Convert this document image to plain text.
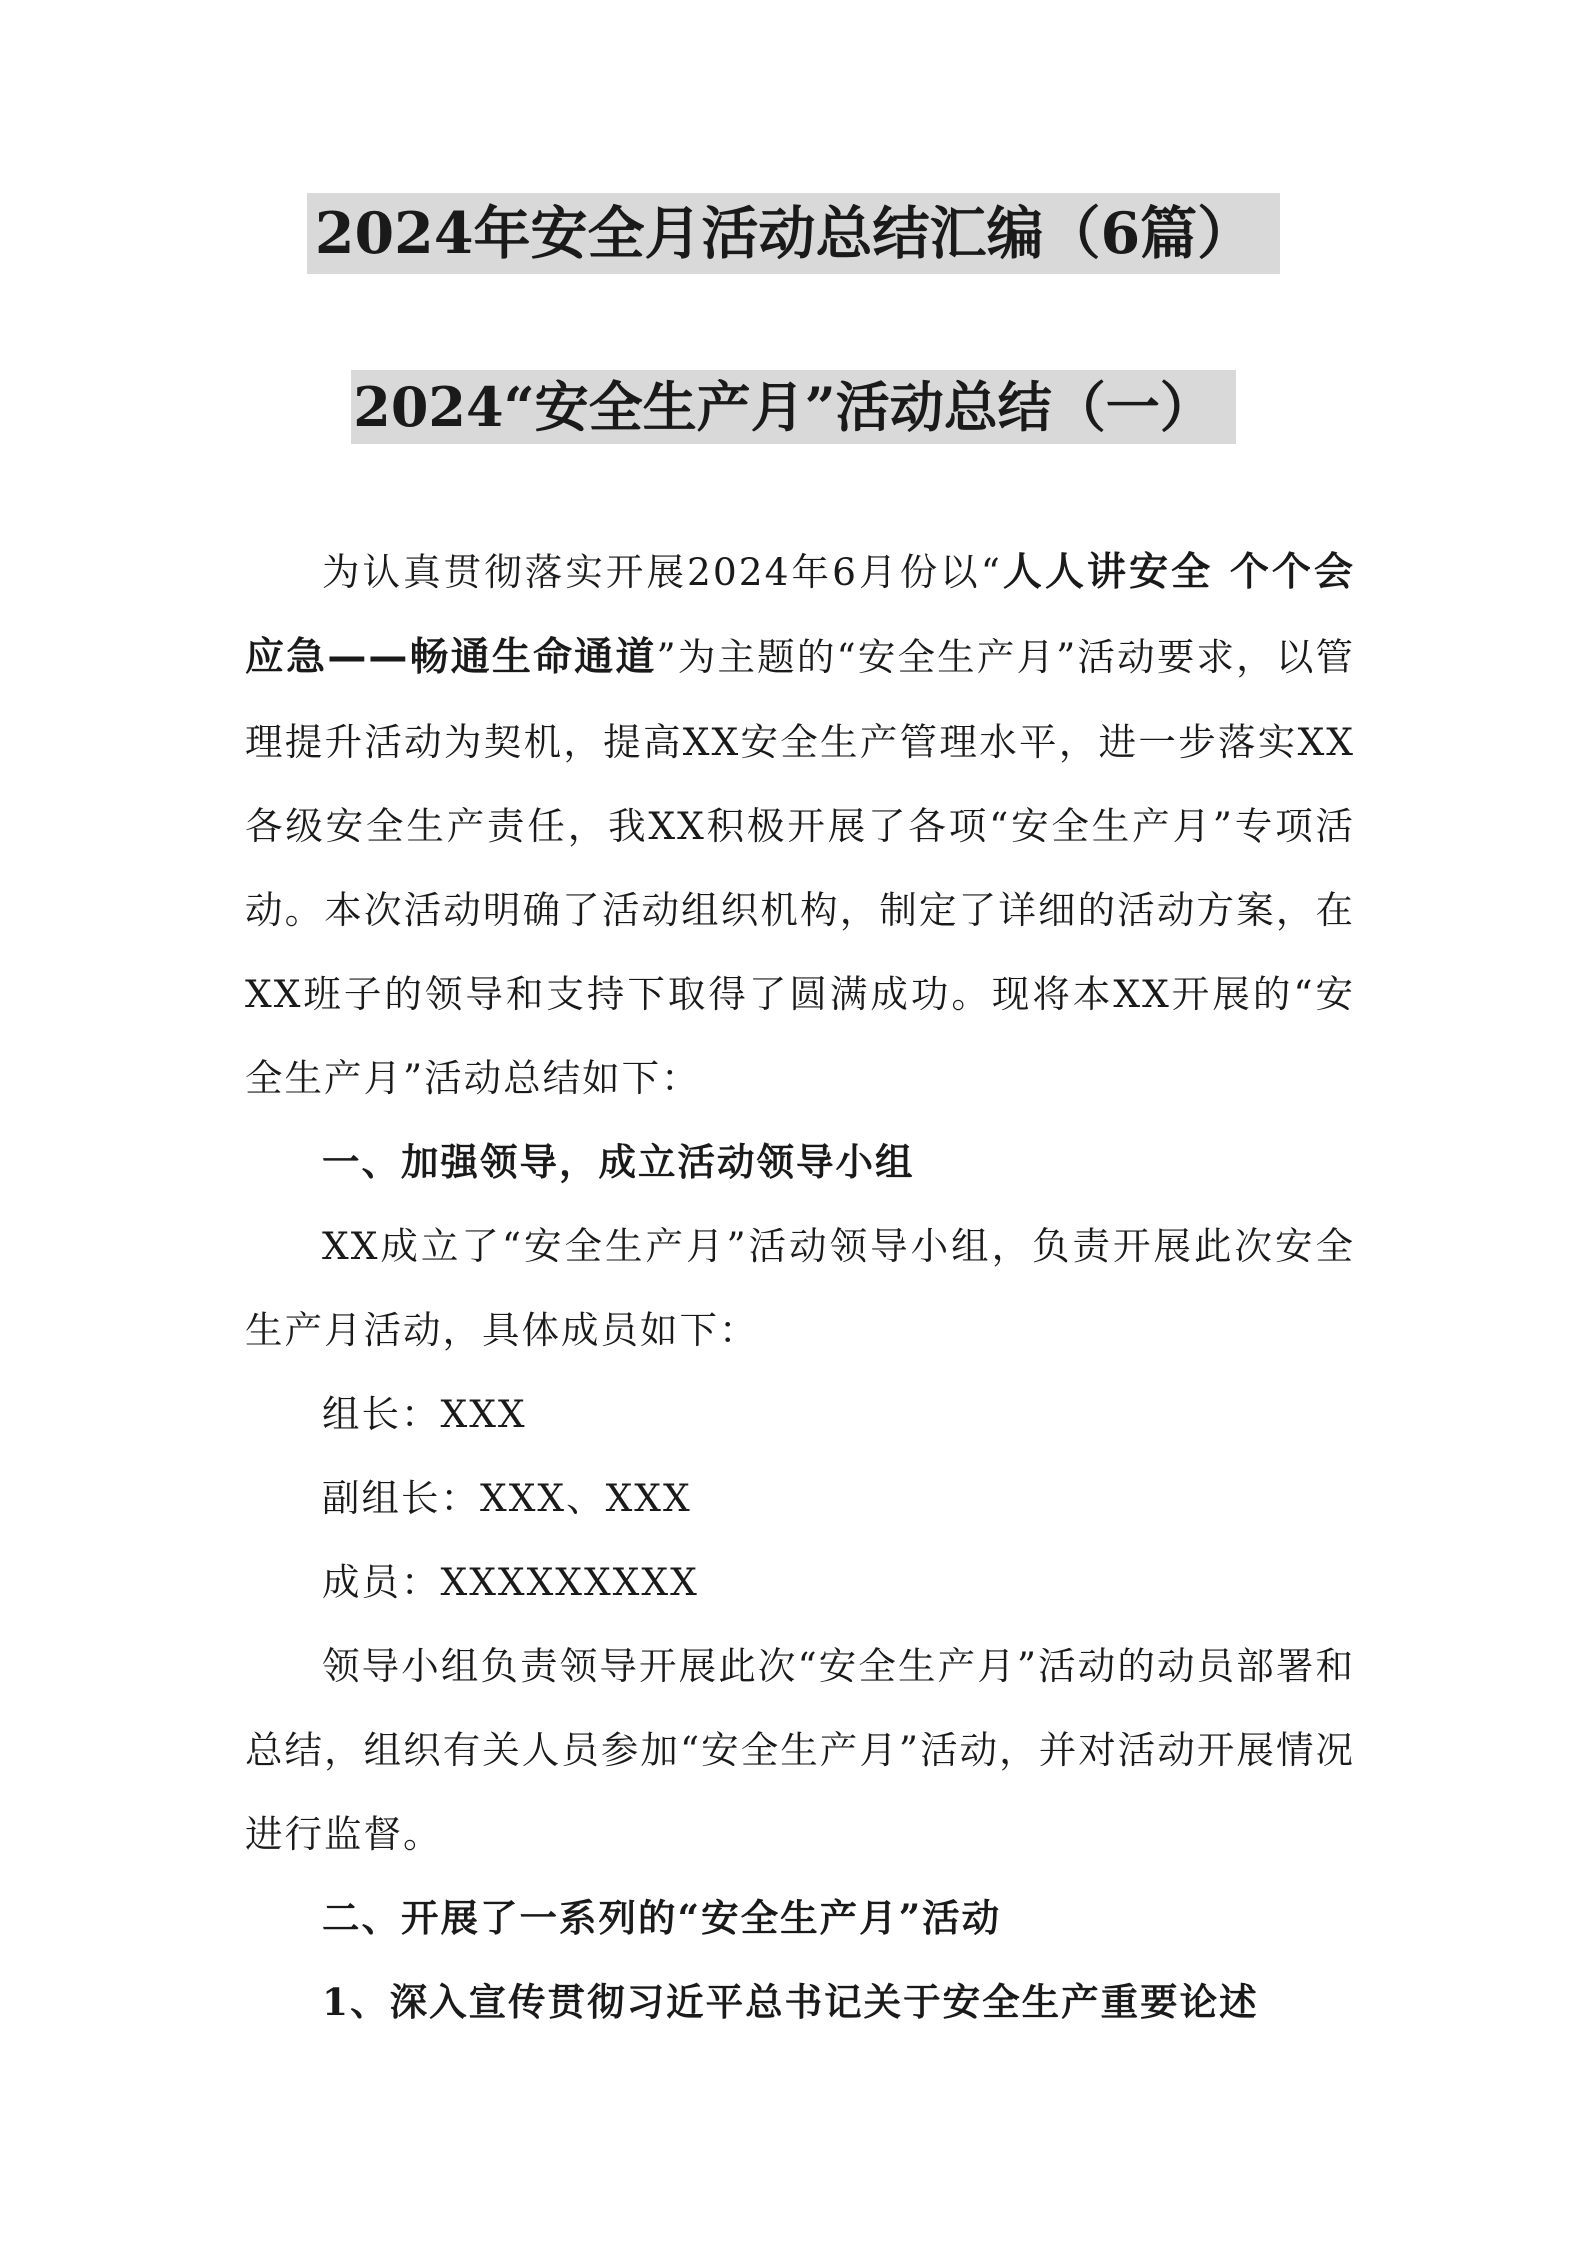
2024年安全月活动总结汇编（6篇）
2024“安全生产月”活动总结（一）

为认真贯彻落实开展2024年6月份以“人人讲安全 个个会应急——畅通生命通道”为主题的“安全生产月”活动要求，以管理提升活动为契机，提高XX安全生产管理水平，进一步落实XX各级安全生产责任，我XX积极开展了各项“安全生产月”专项活动。本次活动明确了活动组织机构，制定了详细的活动方案，在XX班子的领导和支持下取得了圆满成功。现将本XX开展的“安全生产月”活动总结如下：

一、加强领导，成立活动领导小组

XX成立了“安全生产月”活动领导小组，负责开展此次安全生产月活动，具体成员如下：

组长：XXX

副组长：XXX、XXX

成员：XXXXXXXXX

领导小组负责领导开展此次“安全生产月”活动的动员部署和总结，组织有关人员参加“安全生产月”活动，并对活动开展情况进行监督。

二、开展了一系列的“安全生产月”活动

1、深入宣传贯彻习近平总书记关于安全生产重要论述
